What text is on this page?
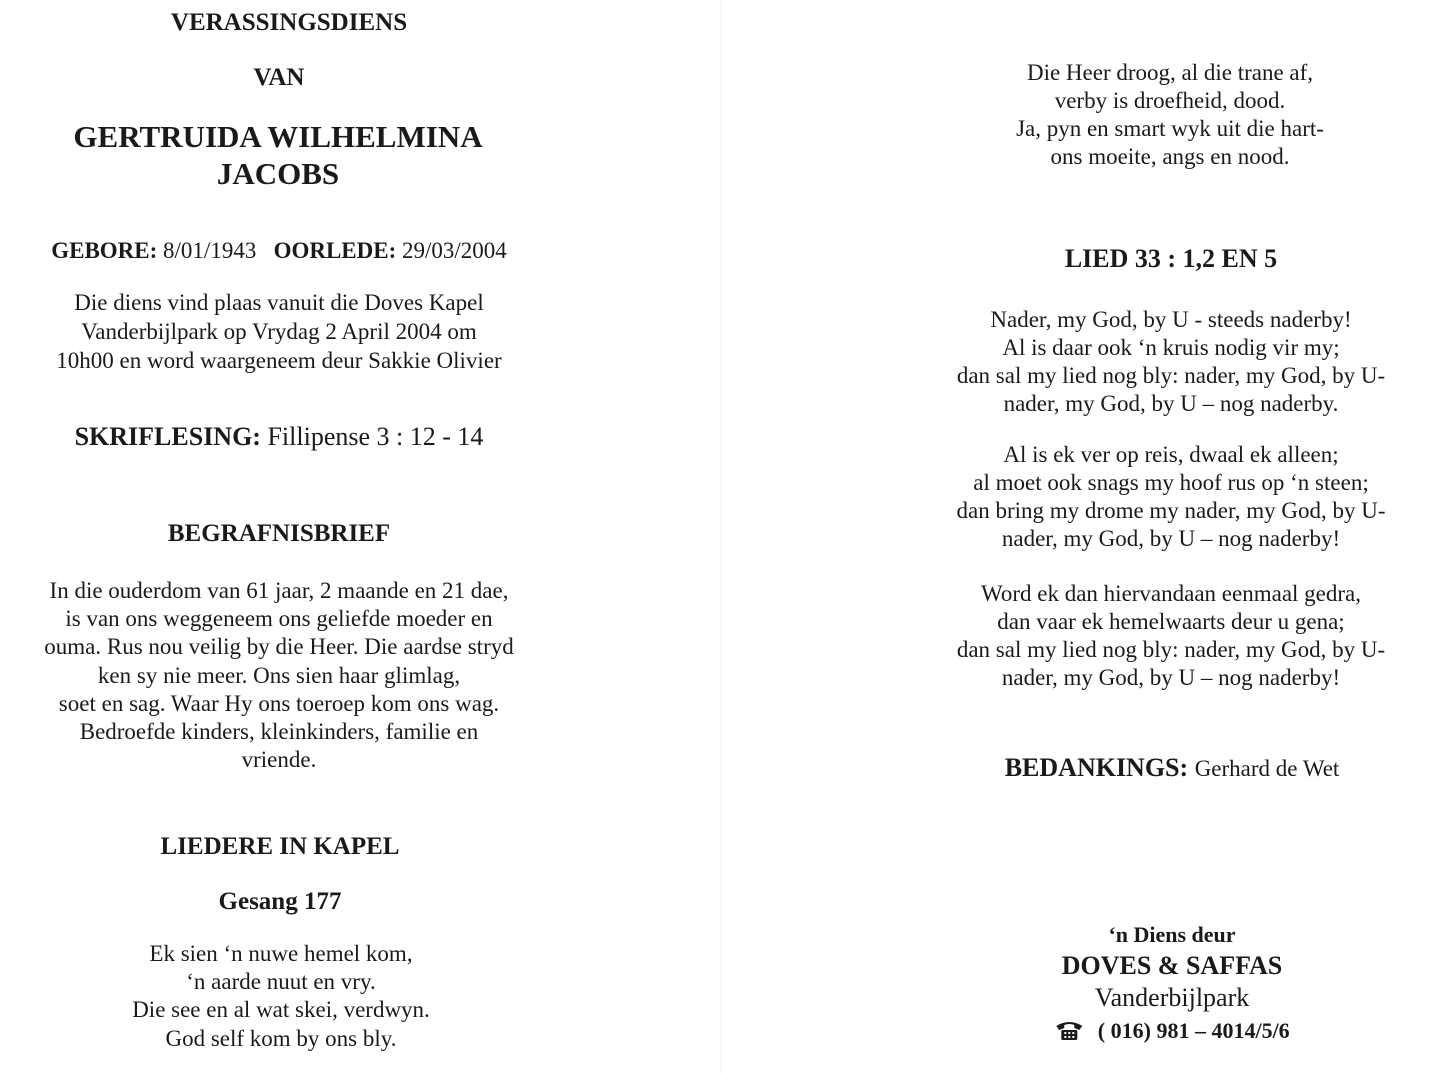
VERASSINGSDIENS
VAN
GERTRUIDA WILHELMINA
JACOBS
GEBORE: 8/01/1943 OORLEDE: 29/03/2004
Die diens vind plaas vanuit die Doves Kapel
Vanderbijlpark op Vrydag 2 April 2004 om
10h00 en word waargeneem deur Sakkie Olivier
SKRIFLESING: Fillipense 3 : 12 - 14
BEGRAFNISBRIEF
In die ouderdom van 61 jaar, 2 maande en 21 dae,
is van ons weggeneem ons geliefde moeder en
ouma. Rus nou veilig by die Heer. Die aardse stryd
ken sy nie meer. Ons sien haar glimlag,
soet en sag. Waar Hy ons toeroep kom ons wag.
Bedroefde kinders, kleinkinders, familie en
vriende.
LIEDERE IN KAPEL
Gesang 177
Ek sien ‘n nuwe hemel kom,
‘n aarde nuut en vry.
Die see en al wat skei, verdwyn.
God self kom by ons bly.
Die Heer droog, al die trane af,
verby is droefheid, dood.
Ja, pyn en smart wyk uit die hart-
ons moeite, angs en nood.
LIED 33 : 1,2 EN 5
Nader, my God, by U - steeds naderby!
Al is daar ook ‘n kruis nodig vir my;
dan sal my lied nog bly: nader, my God, by U-
nader, my God, by U – nog naderby.
Al is ek ver op reis, dwaal ek alleen;
al moet ook snags my hoof rus op ‘n steen;
dan bring my drome my nader, my God, by U-
nader, my God, by U – nog naderby!
Word ek dan hiervandaan eenmaal gedra,
dan vaar ek hemelwaarts deur u gena;
dan sal my lied nog bly: nader, my God, by U-
nader, my God, by U – nog naderby!
BEDANKINGS: Gerhard de Wet
‘n Diens deur
DOVES & SAFFAS
Vanderbijlpark
( 016) 981 – 4014/5/6
